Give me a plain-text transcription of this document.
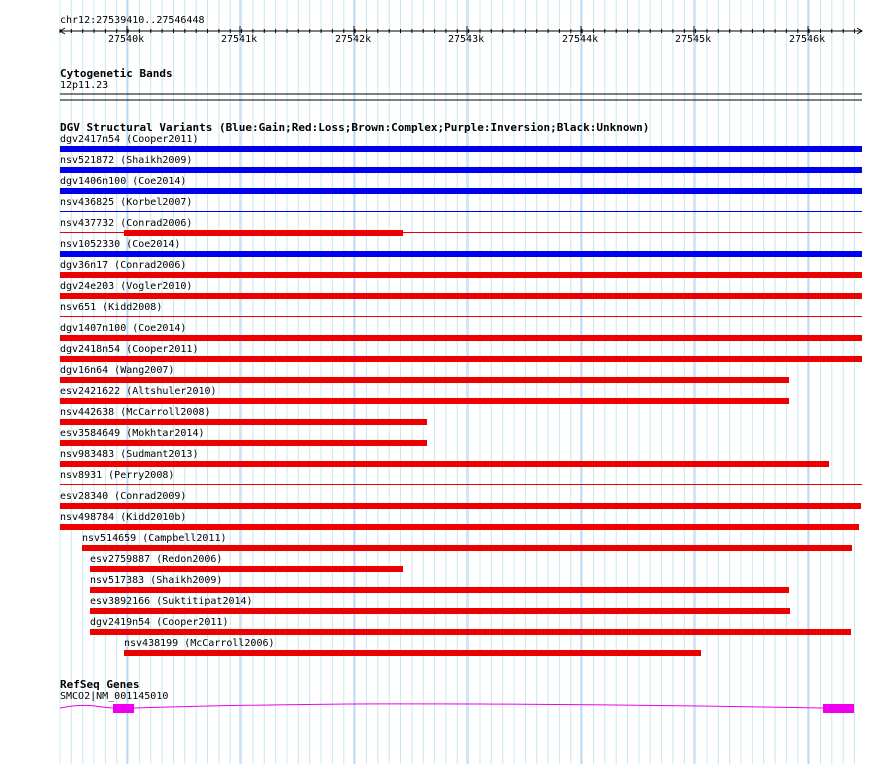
chr12:27539410..27546448
27540k	27541k	27542k	27543k	27544k	27545k	27546k
Cytogenetic Bands
12p11.23
DGV Structural Variants (Blue:Gain;Red:Loss;Brown:Complex;Purple:Inversion;Black:Unknown)
dgv2417n54 (Cooper2011)
nsv521872 (Shaikh2009)
dgv1406n100 (Coe2014)
nsv436825 (Korbel2007)
nsv437732 (Conrad2006)
nsv1052330 (Coe2014)
dgv36n17 (Conrad2006)
dgv24e203 (Vogler2010)
nsv651 (Kidd2008)
dgv1407n100 (Coe2014)
dgv2418n54 (Cooper2011)
dgv16n64 (Wang2007)
esv2421622 (Altshuler2010)
nsv442638 (McCarroll2008)
esv3584649 (Mokhtar2014)
nsv983483 (Sudmant2013)
nsv8931 (Perry2008)
esv28340 (Conrad2009)
nsv498784 (Kidd2010b)
nsv514659 (Campbell2011)
esv2759887 (Redon2006)
nsv517383 (Shaikh2009)
esv3892166 (Suktitipat2014)
dgv2419n54 (Cooper2011)
nsv438199 (McCarroll2006)
RefSeq Genes
SMCO2|NM_001145010
